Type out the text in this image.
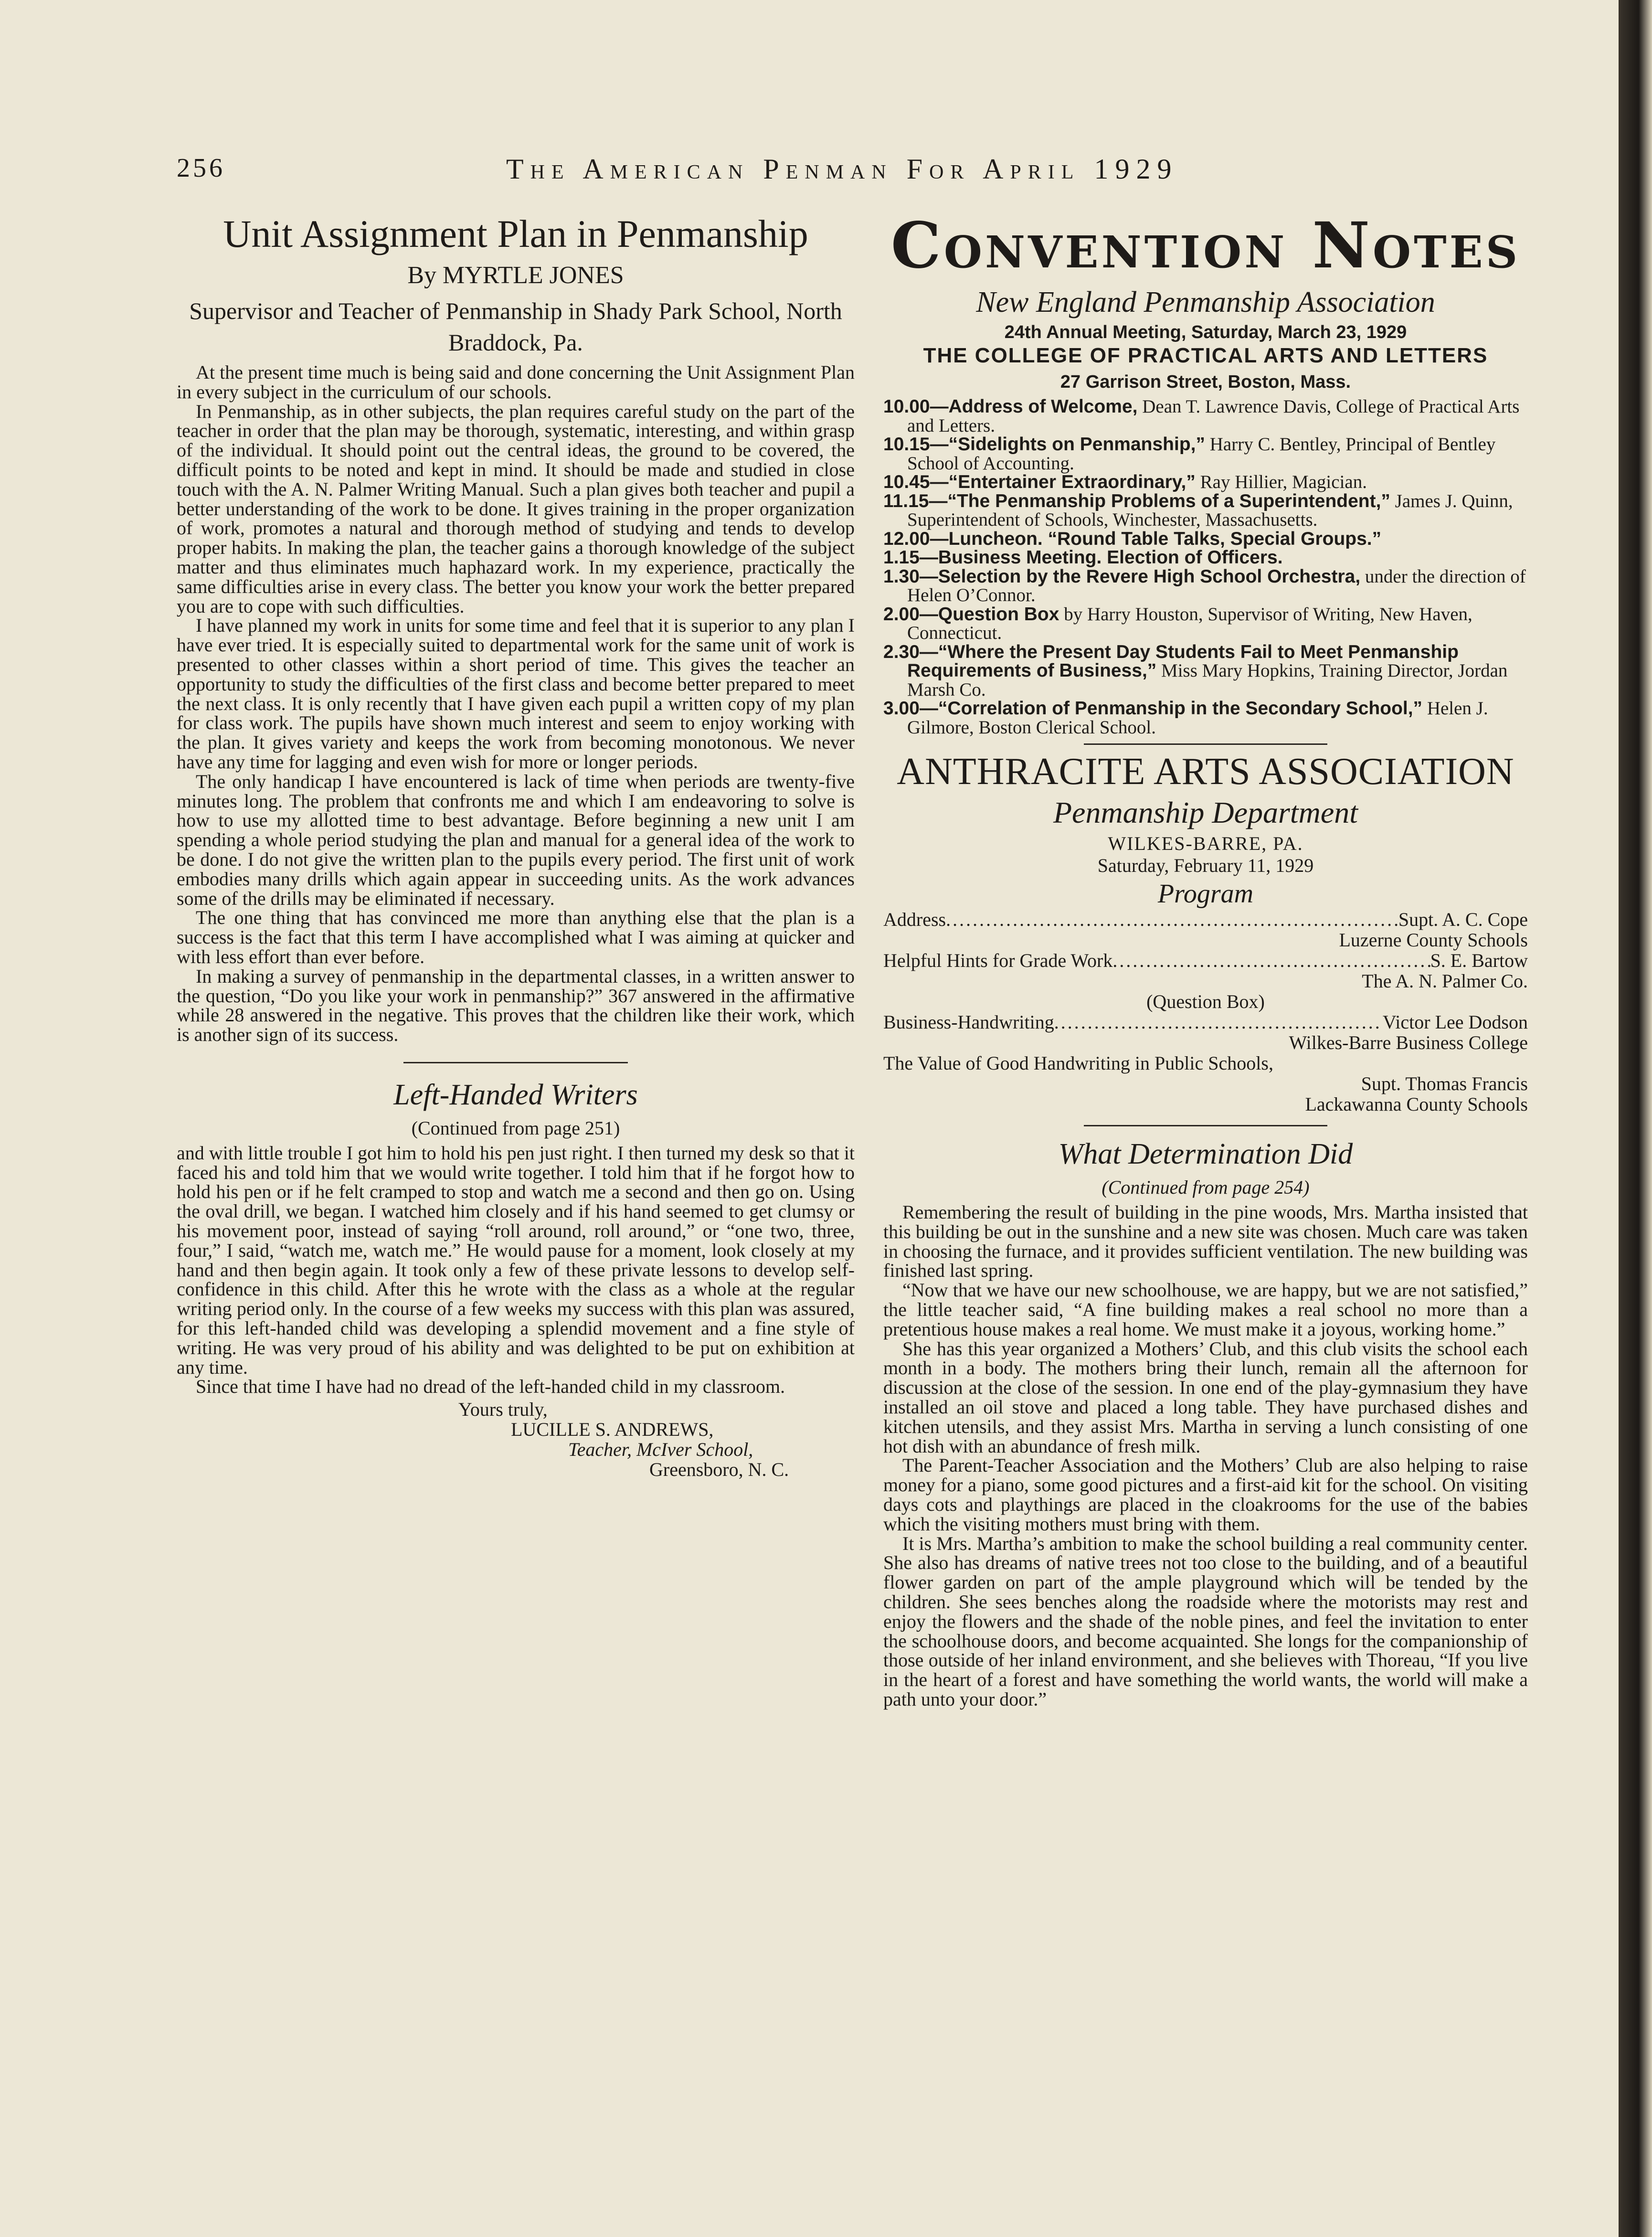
256	The American Penman For April 1929
Unit Assignment Plan in Penmanship
By MYRTLE JONES
Supervisor and Teacher of Penmanship in Shady Park School, North Braddock, Pa.

At the present time much is being said and done concerning the Unit Assignment Plan in every subject in the curriculum of our schools.

In Penmanship, as in other subjects, the plan requires careful study on the part of the teacher in order that the plan may be thorough, systematic, interesting, and within grasp of the individual. It should point out the central ideas, the ground to be covered, the difficult points to be noted and kept in mind. It should be made and studied in close touch with the A. N. Palmer Writing Manual. Such a plan gives both teacher and pupil a better understanding of the work to be done. It gives training in the proper organization of work, promotes a natural and thorough method of studying and tends to develop proper habits. In making the plan, the teacher gains a thorough knowledge of the subject matter and thus eliminates much haphazard work. In my experience, practically the same difficulties arise in every class. The better you know your work the better prepared you are to cope with such difficulties.

I have planned my work in units for some time and feel that it is superior to any plan I have ever tried. It is especially suited to departmental work for the same unit of work is presented to other classes within a short period of time. This gives the teacher an opportunity to study the difficulties of the first class and become better prepared to meet the next class. It is only recently that I have given each pupil a written copy of my plan for class work. The pupils have shown much interest and seem to enjoy working with the plan. It gives variety and keeps the work from becoming monotonous. We never have any time for lagging and even wish for more or longer periods.

The only handicap I have encountered is lack of time when periods are twenty-five minutes long. The problem that confronts me and which I am endeavoring to solve is how to use my allotted time to best advantage. Before beginning a new unit I am spending a whole period studying the plan and manual for a general idea of the work to be done. I do not give the written plan to the pupils every period. The first unit of work embodies many drills which again appear in succeeding units. As the work advances some of the drills may be eliminated if necessary.

The one thing that has convinced me more than anything else that the plan is a success is the fact that this term I have accomplished what I was aiming at quicker and with less effort than ever before.

In making a survey of penmanship in the departmental classes, in a written answer to the question, “Do you like your work in penmanship?” 367 answered in the affirmative while 28 answered in the negative. This proves that the children like their work, which is another sign of its success.

Left-Handed Writers
(Continued from page 251)

and with little trouble I got him to hold his pen just right. I then turned my desk so that it faced his and told him that we would write together. I told him that if he forgot how to hold his pen or if he felt cramped to stop and watch me a second and then go on. Using the oval drill, we began. I watched him closely and if his hand seemed to get clumsy or his movement poor, instead of saying “roll around, roll around,” or “one two, three, four,” I said, “watch me, watch me.” He would pause for a moment, look closely at my hand and then begin again. It took only a few of these private lessons to develop self-confidence in this child. After this he wrote with the class as a whole at the regular writing period only. In the course of a few weeks my success with this plan was assured, for this left-handed child was developing a splendid movement and a fine style of writing. He was very proud of his ability and was delighted to be put on exhibition at any time.

Since that time I have had no dread of the left-handed child in my classroom.

Yours truly,
LUCILLE S. ANDREWS,
Teacher, McIver School,
Greensboro, N. C.
Convention Notes
New England Penmanship Association
24th Annual Meeting, Saturday, March 23, 1929
THE COLLEGE OF PRACTICAL ARTS AND LETTERS
27 Garrison Street, Boston, Mass.

10.00—Address of Welcome, Dean T. Lawrence Davis, College of Practical Arts and Letters.

10.15—“Sidelights on Penmanship,” Harry C. Bentley, Principal of Bentley School of Accounting.

10.45—“Entertainer Extraordinary,” Ray Hillier, Magician.

11.15—“The Penmanship Problems of a Superintendent,” James J. Quinn, Superintendent of Schools, Winchester, Massachusetts.

12.00—Luncheon. “Round Table Talks, Special Groups.”

1.15—Business Meeting. Election of Officers.

1.30—Selection by the Revere High School Orchestra, under the direction of Helen O’Connor.

2.00—Question Box by Harry Houston, Supervisor of Writing, New Haven, Connecticut.

2.30—“Where the Present Day Students Fail to Meet Penmanship Requirements of Business,” Miss Mary Hopkins, Training Director, Jordan Marsh Co.

3.00—“Correlation of Penmanship in the Secondary School,” Helen J. Gilmore, Boston Clerical School.

ANTHRACITE ARTS ASSOCIATION
Penmanship Department
WILKES-BARRE, PA.
Saturday, February 11, 1929
Program
Address .....	Supt. A. C. Cope
Luzerne County Schools
Helpful Hints for Grade Work .....	S. E. Bartow
The A. N. Palmer Co.
(Question Box)
Business-Handwriting .....	Victor Lee Dodson
Wilkes-Barre Business College
The Value of Good Handwriting in Public Schools,
Supt. Thomas Francis
Lackawanna County Schools
What Determination Did
(Continued from page 254)

Remembering the result of building in the pine woods, Mrs. Martha insisted that this building be out in the sunshine and a new site was chosen. Much care was taken in choosing the furnace, and it provides sufficient ventilation. The new building was finished last spring.

“Now that we have our new schoolhouse, we are happy, but we are not satisfied,” the little teacher said, “A fine building makes a real school no more than a pretentious house makes a real home. We must make it a joyous, working home.”

She has this year organized a Mothers’ Club, and this club visits the school each month in a body. The mothers bring their lunch, remain all the afternoon for discussion at the close of the session. In one end of the play-gymnasium they have installed an oil stove and placed a long table. They have purchased dishes and kitchen utensils, and they assist Mrs. Martha in serving a lunch consisting of one hot dish with an abundance of fresh milk.

The Parent-Teacher Association and the Mothers’ Club are also helping to raise money for a piano, some good pictures and a first-aid kit for the school. On visiting days cots and playthings are placed in the cloakrooms for the use of the babies which the visiting mothers must bring with them.

It is Mrs. Martha’s ambition to make the school building a real community center. She also has dreams of native trees not too close to the building, and of a beautiful flower garden on part of the ample playground which will be tended by the children. She sees benches along the roadside where the motorists may rest and enjoy the flowers and the shade of the noble pines, and feel the invitation to enter the schoolhouse doors, and become acquainted. She longs for the companionship of those outside of her inland environment, and she believes with Thoreau, “If you live in the heart of a forest and have something the world wants, the world will make a path unto your door.”
